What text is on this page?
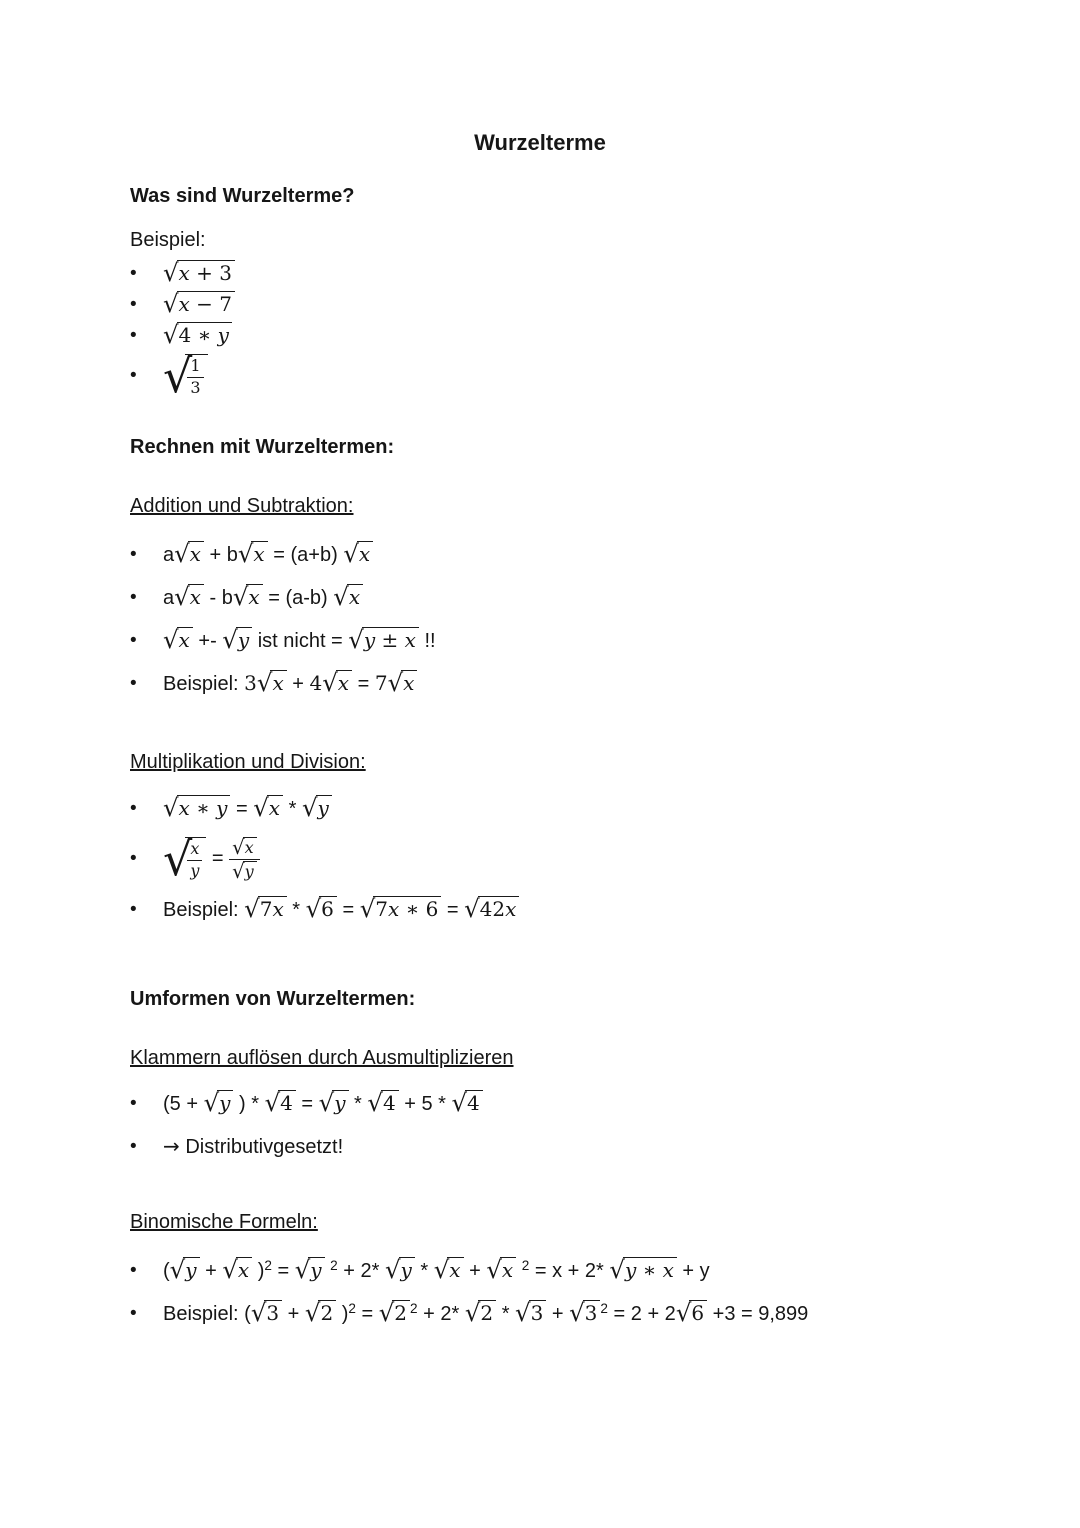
Wurzelterme
Was sind Wurzelterme?
Beispiel:
•	√x + 3
•	√x − 7
•	√4 ∗ y
• √
$\frac{1}{3}$
Rechnen mit Wurzeltermen:
Addition und Subtraktion:
•	a√x + b√x = (a+b) √x
•	a√x - b√x = (a-b) √x
•	√x +- √y ist nicht = √y ± x !!
•	Beispiel: 3√x + 4√x = 7√x
Multiplikation und Division:
•	√x ∗ y = √x * √y
• √
$\frac{x}{y} = \frac{√x}{√y}$
•	Beispiel: √7x * √6 = √7x ∗ 6 = √42x
Umformen von Wurzeltermen:
Klammern auflösen durch Ausmultiplizieren
•	(5 + √y ) * √4 = √y * √4 + 5 * √4
•	→ Distributivgesetzt!
Binomische Formeln:
•	(√y + √x )$^2$ = √y $^2$ + 2* √y * √x + √x $^2$ = x + 2* √y ∗ x + y
•	Beispiel: (√3 + √2 )$^2$ = √2 $^2$ + 2* √2 * √3 + √3 $^2$ = 2 + 2√6 +3 = 9,899
